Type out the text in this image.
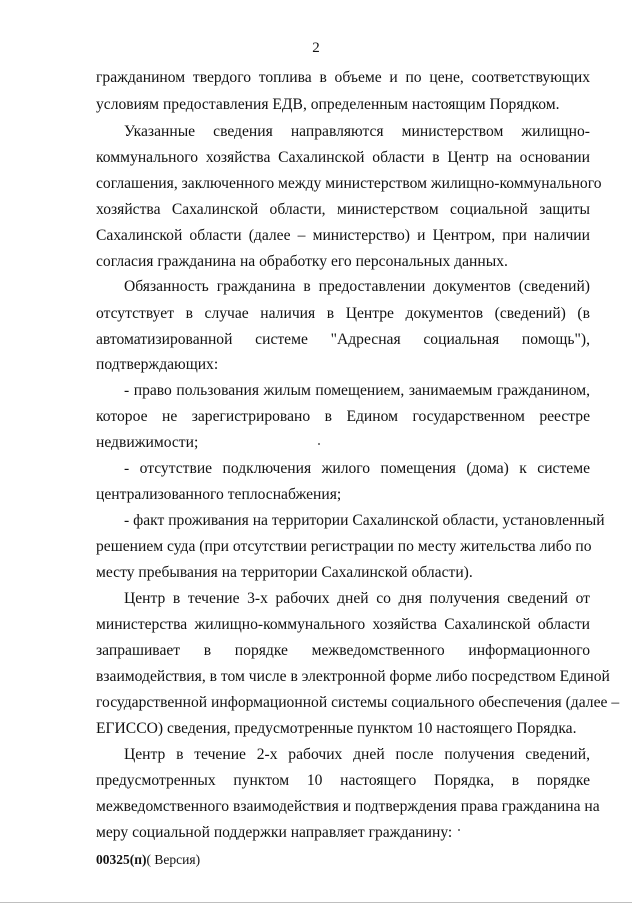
2
гражданином твердого топлива в объеме и по цене, соответствующих
условиям предоставления ЕДВ, определенным настоящим Порядком.
Указанные сведения направляются министерством жилищно-
коммунального хозяйства Сахалинской области в Центр на основании
соглашения, заключенного между министерством жилищно-коммунального
хозяйства Сахалинской области, министерством социальной защиты
Сахалинской области (далее – министерство) и Центром, при наличии
согласия гражданина на обработку его персональных данных.
Обязанность гражданина в предоставлении документов (сведений)
отсутствует в случае наличия в Центре документов (сведений) (в
автоматизированной системе "Адресная социальная помощь"),
подтверждающих:
- право пользования жилым помещением, занимаемым гражданином,
которое не зарегистрировано в Едином государственном реестре
недвижимости;
- отсутствие подключения жилого помещения (дома) к системе
централизованного теплоснабжения;
- факт проживания на территории Сахалинской области, установленный
решением суда (при отсутствии регистрации по месту жительства либо по
месту пребывания на территории Сахалинской области).
Центр в течение 3-х рабочих дней со дня получения сведений от
министерства жилищно-коммунального хозяйства Сахалинской области
запрашивает в порядке межведомственного информационного
взаимодействия, в том числе в электронной форме либо посредством Единой
государственной информационной системы социального обеспечения (далее –
ЕГИССО) сведения, предусмотренные пунктом 10 настоящего Порядка.
Центр в течение 2-х рабочих дней после получения сведений,
предусмотренных пунктом 10 настоящего Порядка, в порядке
межведомственного взаимодействия и подтверждения права гражданина на
меру социальной поддержки направляет гражданину:
00325(п)( Версия)
